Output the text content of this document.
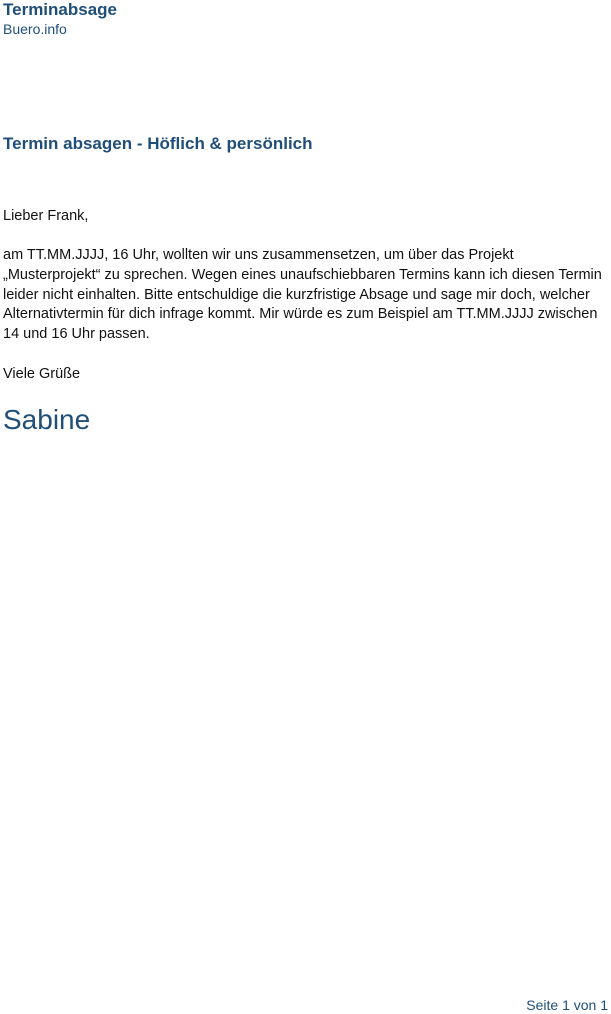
Terminabsage
Buero.info
Termin absagen - Höflich & persönlich
Lieber Frank,

am TT.MM.JJJJ, 16 Uhr, wollten wir uns zusammensetzen, um über das Projekt „Musterprojekt“ zu sprechen. Wegen eines unaufschiebbaren Termins kann ich diesen Termin leider nicht einhalten. Bitte entschuldige die kurzfristige Absage und sage mir doch, welcher Alternativtermin für dich infrage kommt. Mir würde es zum Beispiel am TT.MM.JJJJ zwischen 14 und 16 Uhr passen.

Viele Grüße
Sabine
Seite 1 von 1
